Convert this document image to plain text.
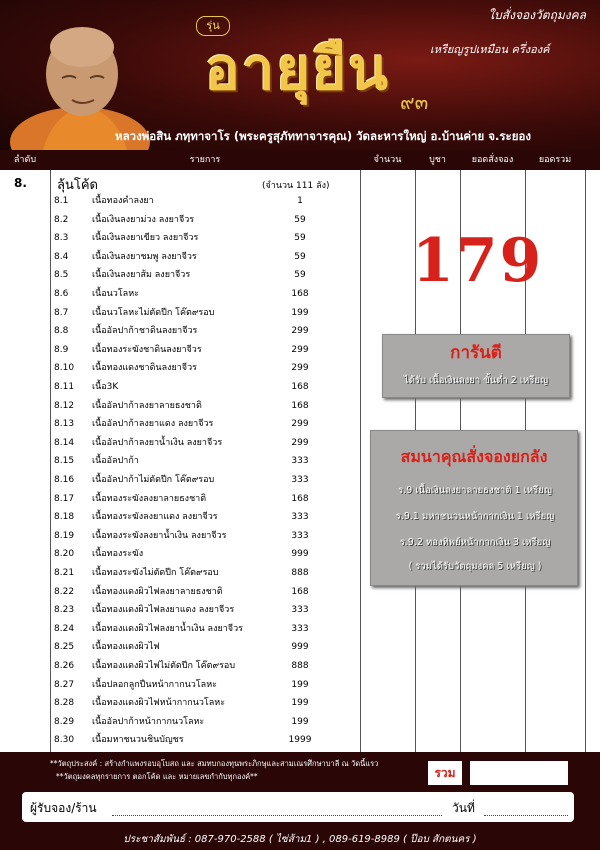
รุ่น
ใบสั่งจองวัตถุมงคล
อายุยืน ๙๓
เหรียญรูปเหมือน ครึ่งองค์
หลวงพ่อสิน ภทฺทาจาโร (พระครูสุภัททาจารคุณ) วัดละหารใหญ่ อ.บ้านค่าย จ.ระยอง
ลำดับ	รายการ	จำนวน	บูชา	ยอดสั่งจอง	ยอดรวม
8. ลุ้นโค้ด	(จำนวน 111 ลัง)
8.1	เนื้อทองคำลงยา	1
8.2	เนื้อเงินลงยาม่วง ลงยาจีวร	59
8.3	เนื้อเงินลงยาเขียว ลงยาจีวร	59
8.4	เนื้อเงินลงยาชมพู ลงยาจีวร	59
8.5	เนื้อเงินลงยาส้ม ลงยาจีวร	59
8.6	เนื้อนวโลหะ	168
8.7	เนื้อนวโลหะไม่ตัดปีก โค๊ต๙รอบ	199
8.8	เนื้ออัลปาก้าชาดินลงยาจีวร	299
8.9	เนื้อทองระฆังชาดินลงยาจีวร	299
8.10	เนื้อทองแดงชาดินลงยาจีวร	299
8.11	เนื้อ3K	168
8.12	เนื้ออัลปาก้าลงยาลายธงชาติ	168
8.13	เนื้ออัลปาก้าลงยาแดง ลงยาจีวร	299
8.14	เนื้ออัลปาก้าลงยาน้ำเงิน ลงยาจีวร	299
8.15	เนื้ออัลปาก้า	333
8.16	เนื้ออัลปาก้าไม่ตัดปีก โค๊ต๙รอบ	333
8.17	เนื้อทองระฆังลงยาลายธงชาติ	168
8.18	เนื้อทองระฆังลงยาแดง ลงยาจีวร	333
8.19	เนื้อทองระฆังลงยาน้ำเงิน ลงยาจีวร	333
8.20	เนื้อทองระฆัง	999
8.21	เนื้อทองระฆังไม่ตัดปีก โค๊ต๙รอบ	888
8.22	เนื้อทองแดงผิวไฟลงยาลายธงชาติ	168
8.23	เนื้อทองแดงผิวไฟลงยาแดง ลงยาจีวร	333
8.24	เนื้อทองแดงผิวไฟลงยาน้ำเงิน ลงยาจีวร	333
8.25	เนื้อทองแดงผิวไฟ	999
8.26	เนื้อทองแดงผิวไฟไม่ตัดปีก โค๊ต๙รอบ	888
8.27	เนื้อปลอกลูกปืนหน้ากากนวโลหะ	199
8.28	เนื้อทองแดงผิวไฟหน้ากากนวโลหะ	199
8.29	เนื้ออัลปาก้าหน้ากากนวโลหะ	199
8.30	เนื้อมหาชนวนชินบัญชร	1999
179
การันตี
ได้รับ เนื้อเงินลงยา ขั้นต่ำ 2 เหรียญ
สมนาคุณสั่งจองยกลัง
ร.9 เนื้อเงินลงยาลายธงชาติ 1 เหรียญ
ร.9.1 มหาชนวนหน้ากากเงิน 1 เหรียญ
ร.9.2 ทองทิพย์หน้ากากเงิน 3 เหรียญ
( รวมได้รับวัตถุมงคล 5 เหรียญ )
**วัตถุประสงค์ : สร้างกำแพงรอบอุโบสถ และ สมทบกองทุนพระภิกษุและสามเณรศึกษาบาลี ณ วัดนี้แรว
**วัตถุมงคลทุกรายการ ตอกโค้ด และ หมายเลขกำกับทุกองค์**	รวม
ผู้รับจอง/ร้าน	วันที่
ประชาสัมพันธ์ : 087-970-2588 ( ไซ่ส้าม1 ) , 089-619-8989 ( ป๊อบ สักตนคร )
